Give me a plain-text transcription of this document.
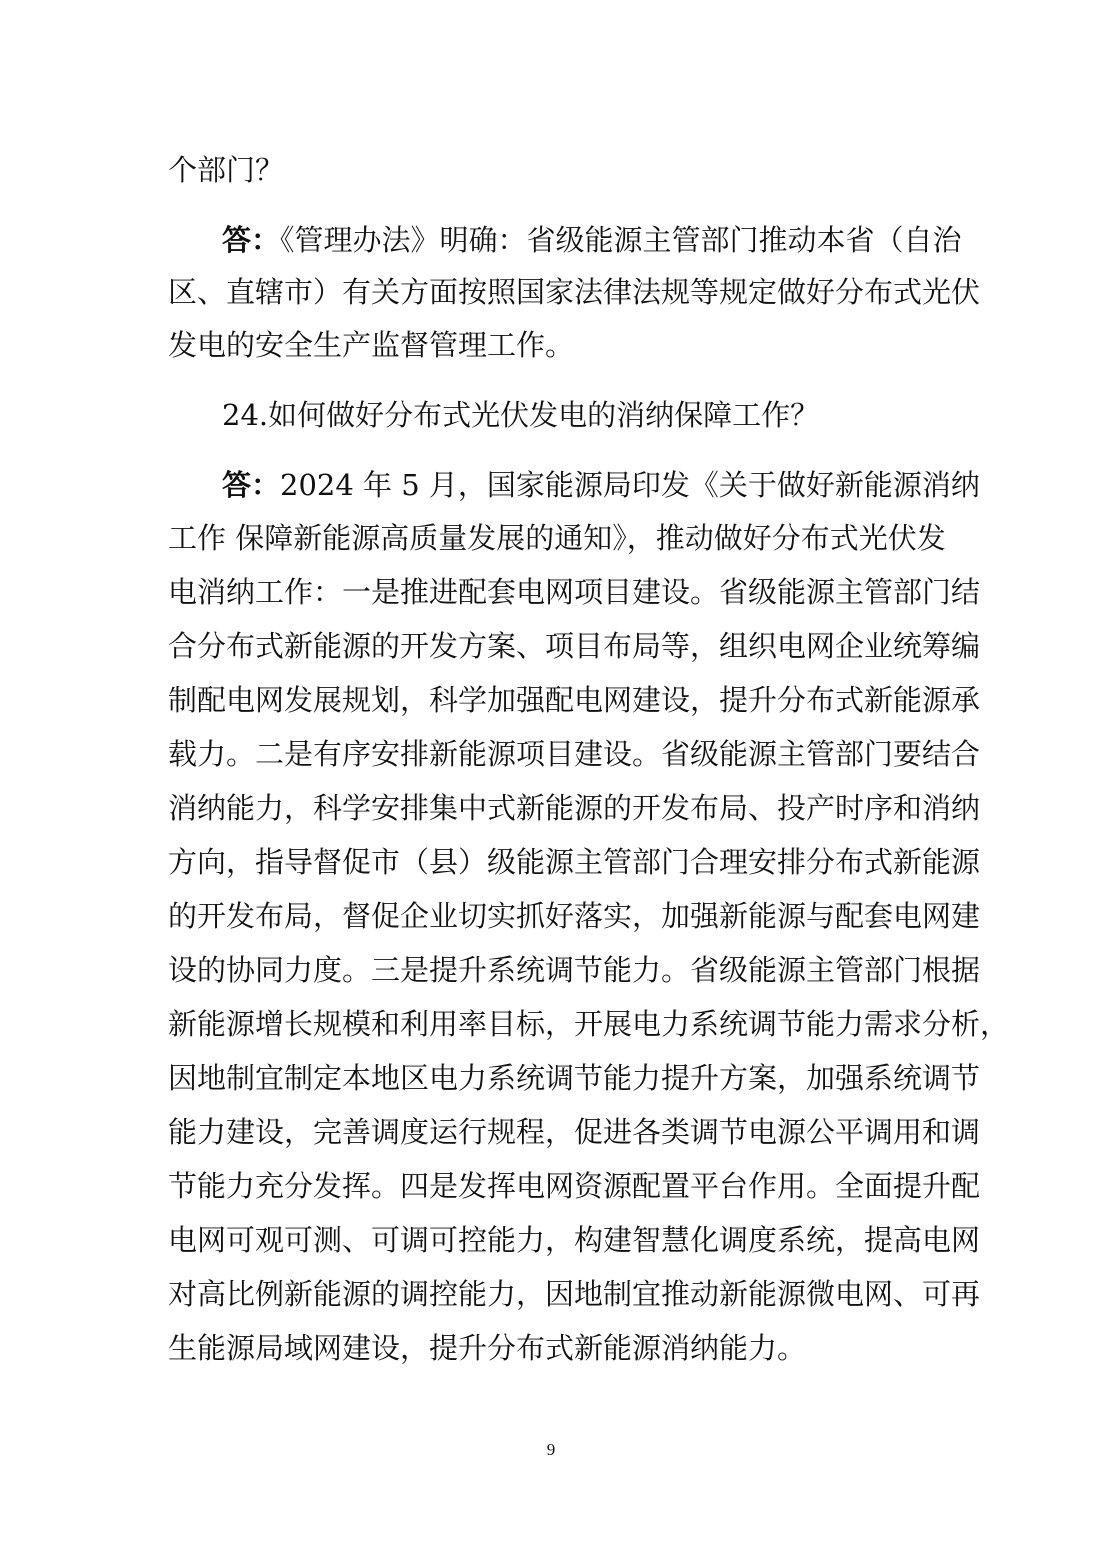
个部门？
答：《管理办法》明确：省级能源主管部门推动本省（自治
区、直辖市）有关方面按照国家法律法规等规定做好分布式光伏
发电的安全生产监督管理工作。
24.如何做好分布式光伏发电的消纳保障工作？
答：2024 年 5 月，国家能源局印发《关于做好新能源消纳
工作 保障新能源高质量发展的通知》，推动做好分布式光伏发
电消纳工作：一是推进配套电网项目建设。省级能源主管部门结
合分布式新能源的开发方案、项目布局等，组织电网企业统筹编
制配电网发展规划，科学加强配电网建设，提升分布式新能源承
载力。二是有序安排新能源项目建设。省级能源主管部门要结合
消纳能力，科学安排集中式新能源的开发布局、投产时序和消纳
方向，指导督促市（县）级能源主管部门合理安排分布式新能源
的开发布局，督促企业切实抓好落实，加强新能源与配套电网建
设的协同力度。三是提升系统调节能力。省级能源主管部门根据
新能源增长规模和利用率目标，开展电力系统调节能力需求分析，
因地制宜制定本地区电力系统调节能力提升方案，加强系统调节
能力建设，完善调度运行规程，促进各类调节电源公平调用和调
节能力充分发挥。四是发挥电网资源配置平台作用。全面提升配
电网可观可测、可调可控能力，构建智慧化调度系统，提高电网
对高比例新能源的调控能力，因地制宜推动新能源微电网、可再
生能源局域网建设，提升分布式新能源消纳能力。
9
